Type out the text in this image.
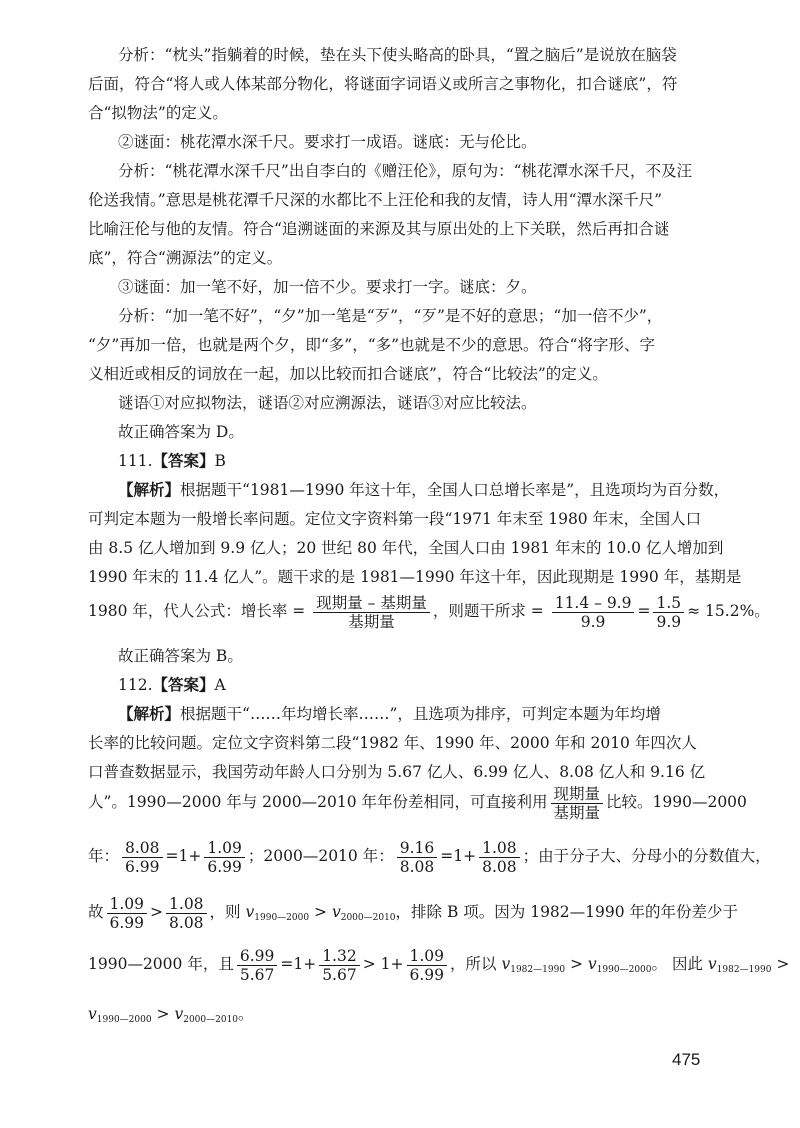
分析：“枕头”指躺着的时候，垫在头下使头略高的卧具，“置之脑后”是说放在脑袋
后面，符合“将人或人体某部分物化，将谜面字词语义或所言之事物化，扣合谜底”，符
合“拟物法”的定义。
②谜面：桃花潭水深千尺。要求打一成语。谜底：无与伦比。
分析：“桃花潭水深千尺”出自李白的《赠汪伦》，原句为：“桃花潭水深千尺，不及汪
伦送我情。”意思是桃花潭千尺深的水都比不上汪伦和我的友情，诗人用“潭水深千尺”
比喻汪伦与他的友情。符合“追溯谜面的来源及其与原出处的上下关联，然后再扣合谜
底”，符合“溯源法”的定义。
③谜面：加一笔不好，加一倍不少。要求打一字。谜底：夕。
分析：“加一笔不好”，“夕”加一笔是“歹”，“歹”是不好的意思；“加一倍不少”，
“夕”再加一倍，也就是两个夕，即“多”，“多”也就是不少的意思。符合“将字形、字
义相近或相反的词放在一起，加以比较而扣合谜底”，符合“比较法”的定义。
谜语①对应拟物法，谜语②对应溯源法，谜语③对应比较法。
故正确答案为 D。
111.【答案】B
【解析】根据题干“1981—1990 年这十年，全国人口总增长率是”，且选项均为百分数，
可判定本题为一般增长率问题。定位文字资料第一段“1971 年末至 1980 年末，全国人口
由 8.5 亿人增加到 9.9 亿人；20 世纪 80 年代，全国人口由 1981 年末的 10.0 亿人增加到
1990 年末的 11.4 亿人”。题干求的是 1981—1990 年这十年，因此现期是 1990 年，基期是
1980 年，代人公式：增长率 = $\frac{\text{现期量 – 基期量}}{\text{基期量}}$ ，则题干所求 = $\frac{11.4 - 9.9}{9.9} = \frac{1.5}{9.9} \approx 15.2\%$。
故正确答案为 B。
112.【答案】A
【解析】根据题干“……年均增长率……”，且选项为排序，可判定本题为年均增
长率的比较问题。定位文字资料第二段“1982 年、1990 年、2000 年和 2010 年四次人
口普查数据显示，我国劳动年龄人口分别为 5.67 亿人、6.99 亿人、8.08 亿人和 9.16 亿
人”。1990—2000 年与 2000—2010 年年份差相同，可直接利用 $\frac{\text{现期量}}{\text{基期量}}$ 比较。1990—2000
年： $\frac{8.08}{6.99} =1+ \frac{1.09}{6.99}$ ；2000—2010 年： $\frac{9.16}{8.08} =1+ \frac{1.08}{8.08}$ ；由于分子大、分母小的分数值大，
故 $\frac{1.09}{6.99} > \frac{1.08}{8.08}$ ，则 $v_{1990—2000} > v_{2000—2010}$，排除 B 项。因为 1982—1990 年的年份差少于
1990—2000 年，且 $\frac{6.99}{5.67} =1+ \frac{1.32}{5.67} > 1+ \frac{1.09}{6.99}$ ，所以 $v_{1982—1990} > v_{1990—2000}$。 因此 $v_{1982—1990}$ >
$v_{1990—2000} > v_{2000—2010}$。
475
